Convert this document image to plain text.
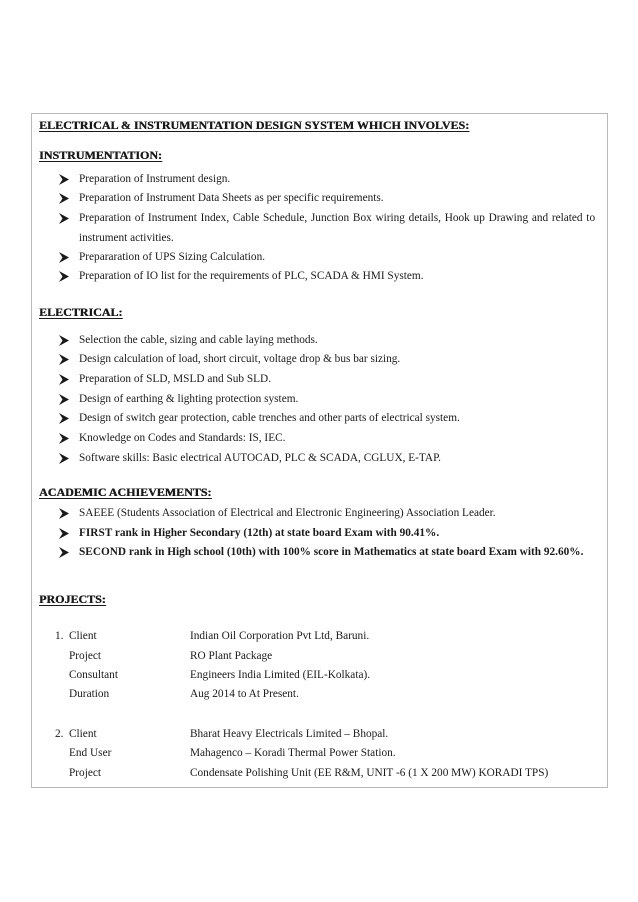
ELECTRICAL & INSTRUMENTATION DESIGN SYSTEM WHICH INVOLVES:
INSTRUMENTATION:
Preparation of Instrument design.
Preparation of Instrument Data Sheets as per specific requirements.
Preparation of Instrument Index, Cable Schedule, Junction Box wiring details, Hook up Drawing and related to
instrument activities.
Prepararation of UPS Sizing Calculation.
Preparation of IO list for the requirements of PLC, SCADA & HMI System.
ELECTRICAL:
Selection the cable, sizing and cable laying methods.
Design calculation of load, short circuit, voltage drop & bus bar sizing.
Preparation of SLD, MSLD and Sub SLD.
Design of earthing & lighting protection system.
Design of switch gear protection, cable trenches and other parts of electrical system.
Knowledge on Codes and Standards: IS, IEC.
Software skills: Basic electrical AUTOCAD, PLC & SCADA, CGLUX, E-TAP.
ACADEMIC ACHIEVEMENTS:
SAEEE (Students Association of Electrical and Electronic Engineering) Association Leader.
FIRST rank in Higher Secondary (12th) at state board Exam with 90.41%.
SECOND rank in High school (10th) with 100% score in Mathematics at state board Exam with 92.60%.
PROJECTS:
1. Client	Indian Oil Corporation Pvt Ltd, Baruni.
Project	RO Plant Package
Consultant	Engineers India Limited (EIL-Kolkata).
Duration	Aug 2014 to At Present.
2. Client	Bharat Heavy Electricals Limited – Bhopal.
End User	Mahagenco – Koradi Thermal Power Station.
Project	Condensate Polishing Unit (EE R&M, UNIT -6 (1 X 200 MW) KORADI TPS)
